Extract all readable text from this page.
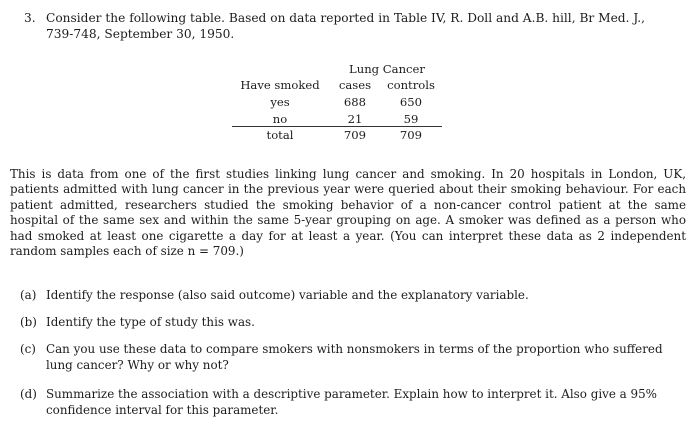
3. Consider the following table. Based on data reported in Table IV, R. Doll and A.B. hill, Br Med. J.,
739-748, September 30, 1950.
Lung Cancer
Have smoked	cases	controls
yes	688	650
no	21	59
total	709	709
This is data from one of the first studies linking lung cancer and smoking. In 20 hospitals in London, UK, patients admitted with lung cancer in the previous year were queried about their smoking behaviour. For each patient admitted, researchers studied the smoking behavior of a non-cancer control patient at the same hospital of the same sex and within the same 5-year grouping on age. A smoker was defined as a person who had smoked at least one cigarette a day for at least a year. (You can interpret these data as 2 independent random samples each of size n = 709.)
(a) Identify the response (also said outcome) variable and the explanatory variable.
(b) Identify the type of study this was.
(c) Can you use these data to compare smokers with nonsmokers in terms of the proportion who suffered lung cancer? Why or why not?
(d) Summarize the association with a descriptive parameter. Explain how to interpret it. Also give a 95% confidence interval for this parameter.
